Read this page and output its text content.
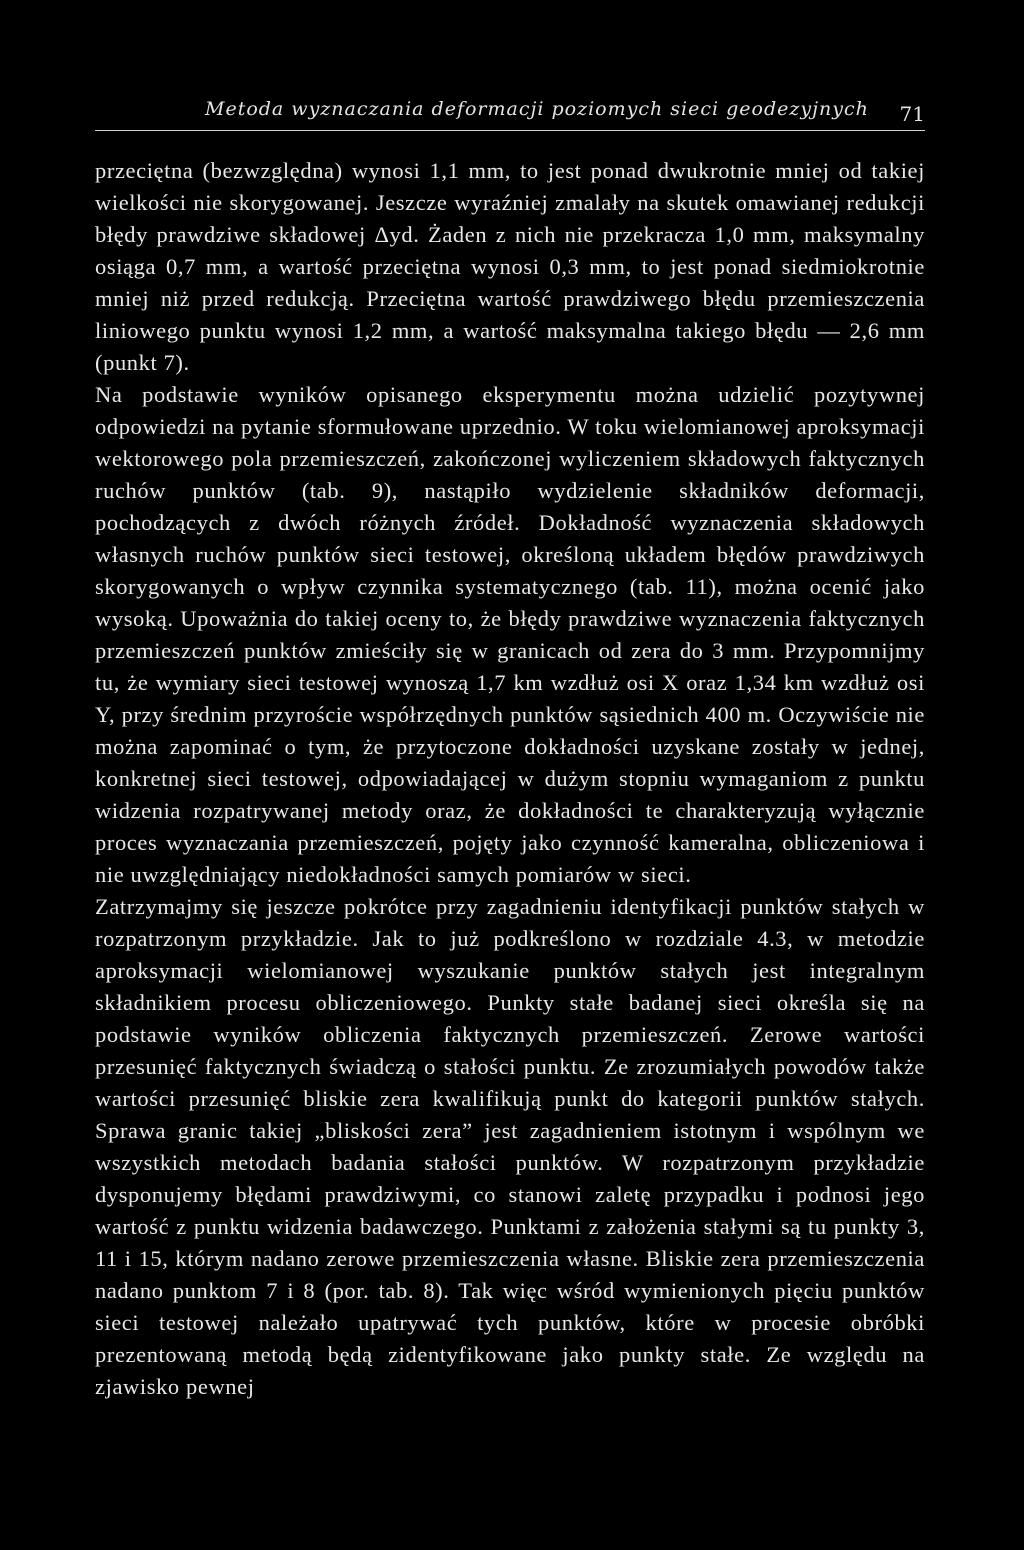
Metoda wyznaczania deformacji poziomych sieci geodezyjnych 71

przeciętna (bezwzględna) wynosi 1,1 mm, to jest ponad dwukrotnie mniej od takiej wielkości nie skorygowanej. Jeszcze wyraźniej zmalały na skutek omawianej redukcji błędy prawdziwe składowej Δyd. Żaden z nich nie przekracza 1,0 mm, maksymalny osiąga 0,7 mm, a wartość przeciętna wynosi 0,3 mm, to jest ponad siedmiokrotnie mniej niż przed redukcją. Przeciętna wartość prawdziwego błędu przemieszczenia liniowego punktu wynosi 1,2 mm, a wartość maksymalna takiego błędu — 2,6 mm (punkt 7).

Na podstawie wyników opisanego eksperymentu można udzielić pozytywnej odpowiedzi na pytanie sformułowane uprzednio. W toku wielomianowej aproksymacji wektorowego pola przemieszczeń, zakończonej wyliczeniem składowych faktycznych ruchów punktów (tab. 9), nastąpiło wydzielenie składników deformacji, pochodzących z dwóch różnych źródeł. Dokładność wyznaczenia składowych własnych ruchów punktów sieci testowej, określoną układem błędów prawdziwych skorygowanych o wpływ czynnika systematycznego (tab. 11), można ocenić jako wysoką. Upoważnia do takiej oceny to, że błędy prawdziwe wyznaczenia faktycznych przemieszczeń punktów zmieściły się w granicach od zera do 3 mm. Przypomnijmy tu, że wymiary sieci testowej wynoszą 1,7 km wzdłuż osi X oraz 1,34 km wzdłuż osi Y, przy średnim przyroście współrzędnych punktów sąsiednich 400 m. Oczywiście nie można zapominać o tym, że przytoczone dokładności uzyskane zostały w jednej, konkretnej sieci testowej, odpowiadającej w dużym stopniu wymaganiom z punktu widzenia rozpatrywanej metody oraz, że dokładności te charakteryzują wyłącznie proces wyznaczania przemieszczeń, pojęty jako czynność kameralna, obliczeniowa i nie uwzględniający niedokładności samych pomiarów w sieci.

Zatrzymajmy się jeszcze pokrótce przy zagadnieniu identyfikacji punktów stałych w rozpatrzonym przykładzie. Jak to już podkreślono w rozdziale 4.3, w metodzie aproksymacji wielomianowej wyszukanie punktów stałych jest integralnym składnikiem procesu obliczeniowego. Punkty stałe badanej sieci określa się na podstawie wyników obliczenia faktycznych przemieszczeń. Zerowe wartości przesunięć faktycznych świadczą o stałości punktu. Ze zrozumiałych powodów także wartości przesunięć bliskie zera kwalifikują punkt do kategorii punktów stałych. Sprawa granic takiej „bliskości zera” jest zagadnieniem istotnym i wspólnym we wszystkich metodach badania stałości punktów. W rozpatrzonym przykładzie dysponujemy błędami prawdziwymi, co stanowi zaletę przypadku i podnosi jego wartość z punktu widzenia badawczego. Punktami z założenia stałymi są tu punkty 3, 11 i 15, którym nadano zerowe przemieszczenia własne. Bliskie zera przemieszczenia nadano punktom 7 i 8 (por. tab. 8). Tak więc wśród wymienionych pięciu punktów sieci testowej należało upatrywać tych punktów, które w procesie obróbki prezentowaną metodą będą zidentyfikowane jako punkty stałe. Ze względu na zjawisko pewnej
